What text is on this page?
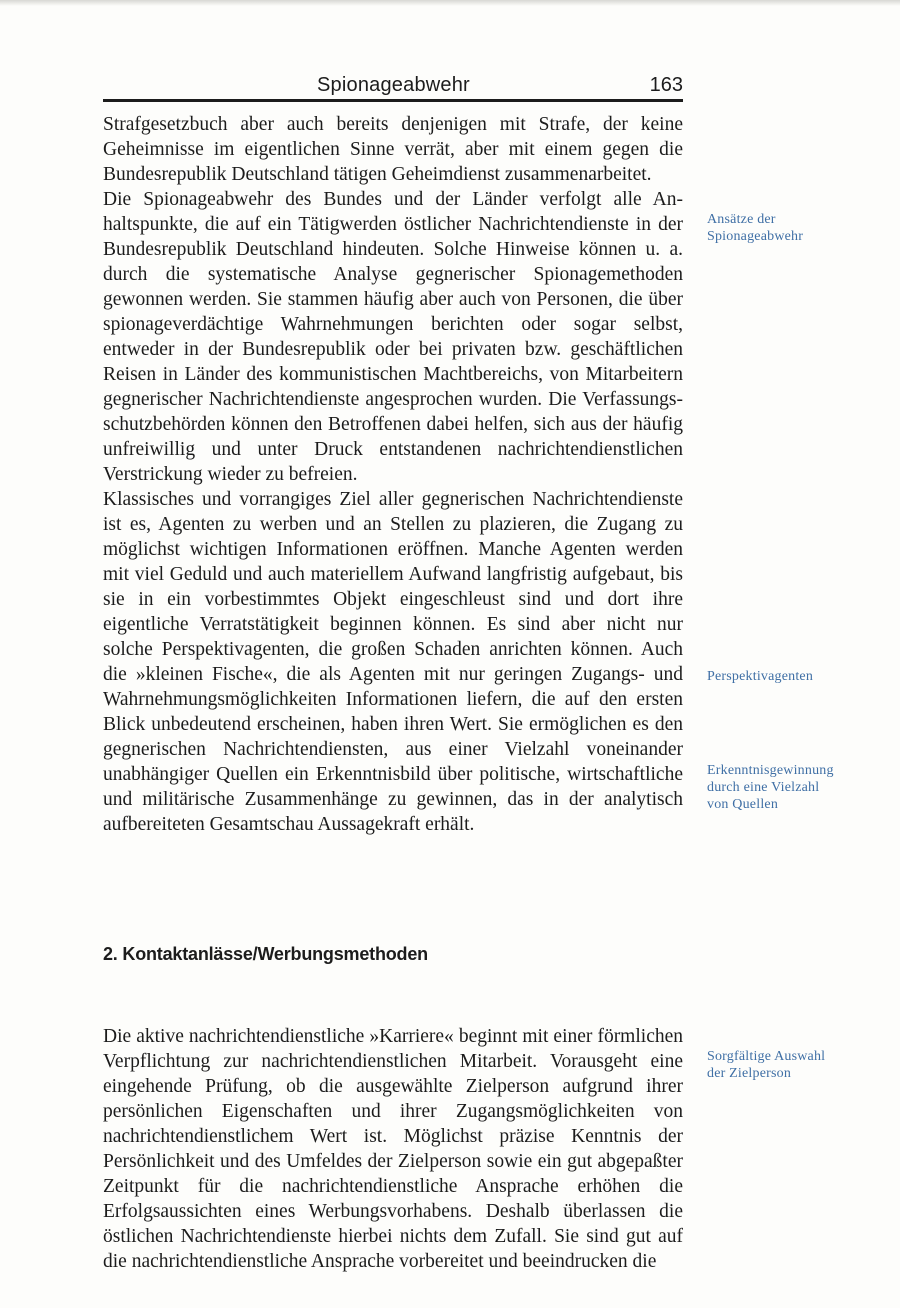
Spionageabwehr	163

Strafgesetzbuch aber auch bereits denjenigen mit Strafe, der keine Geheimnisse im eigentlichen Sinne verrät, aber mit einem gegen die Bundesrepublik Deutschland tätigen Geheimdienst zusammenarbeitet.

Die Spionageabwehr des Bundes und der Länder verfolgt alle Anhaltspunkte, die auf ein Tätigwerden östlicher Nachrichtendienste in der Bundesrepublik Deutschland hindeuten. Solche Hinweise können u. a. durch die systematische Analyse gegnerischer Spionagemethoden gewonnen werden. Sie stammen häufig aber auch von Personen, die über spionageverdächtige Wahrnehmungen berichten oder sogar selbst, entweder in der Bundesrepublik oder bei privaten bzw. geschäftlichen Reisen in Länder des kommunistischen Machtbereichs, von Mitarbeitern gegnerischer Nachrichtendienste angesprochen wurden. Die Verfassungsschutzbehörden können den Betroffenen dabei helfen, sich aus der häufig unfreiwillig und unter Druck entstandenen nachrichtendienstlichen Verstrickung wieder zu befreien.

Klassisches und vorrangiges Ziel aller gegnerischen Nachrichtendienste ist es, Agenten zu werben und an Stellen zu plazieren, die Zugang zu möglichst wichtigen Informationen eröffnen. Manche Agenten werden mit viel Geduld und auch materiellem Aufwand langfristig aufgebaut, bis sie in ein vorbestimmtes Objekt eingeschleust sind und dort ihre eigentliche Verratstätigkeit beginnen können. Es sind aber nicht nur solche Perspektivagenten, die großen Schaden anrichten können. Auch die »kleinen Fische«, die als Agenten mit nur geringen Zugangs- und Wahrnehmungsmöglichkeiten Informationen liefern, die auf den ersten Blick unbedeutend erscheinen, haben ihren Wert. Sie ermöglichen es den gegnerischen Nachrichtendiensten, aus einer Vielzahl voneinander unabhängiger Quellen ein Erkenntnisbild über politische, wirtschaftliche und militärische Zusammenhänge zu gewinnen, das in der analytisch aufbereiteten Gesamtschau Aussagekraft erhält.

2. Kontaktanlässe/Werbungsmethoden

Die aktive nachrichtendienstliche »Karriere« beginnt mit einer förmlichen Verpflichtung zur nachrichtendienstlichen Mitarbeit. Vorausgeht eine eingehende Prüfung, ob die ausgewählte Zielperson aufgrund ihrer persönlichen Eigenschaften und ihrer Zugangsmöglichkeiten von nachrichtendienstlichem Wert ist. Möglichst präzise Kenntnis der Persönlichkeit und des Umfeldes der Zielperson sowie ein gut abgepaßter Zeitpunkt für die nachrichtendienstliche Ansprache erhöhen die Erfolgsaussichten eines Werbungsvorhabens. Deshalb überlassen die östlichen Nachrichtendienste hierbei nichts dem Zufall. Sie sind gut auf die nachrichtendienstliche Ansprache vorbereitet und beeindrucken die

Ansätze der
Spionageabwehr
Perspektivagenten
Erkenntnisgewinnung
durch eine Vielzahl
von Quellen
Sorgfältige Auswahl
der Zielperson
